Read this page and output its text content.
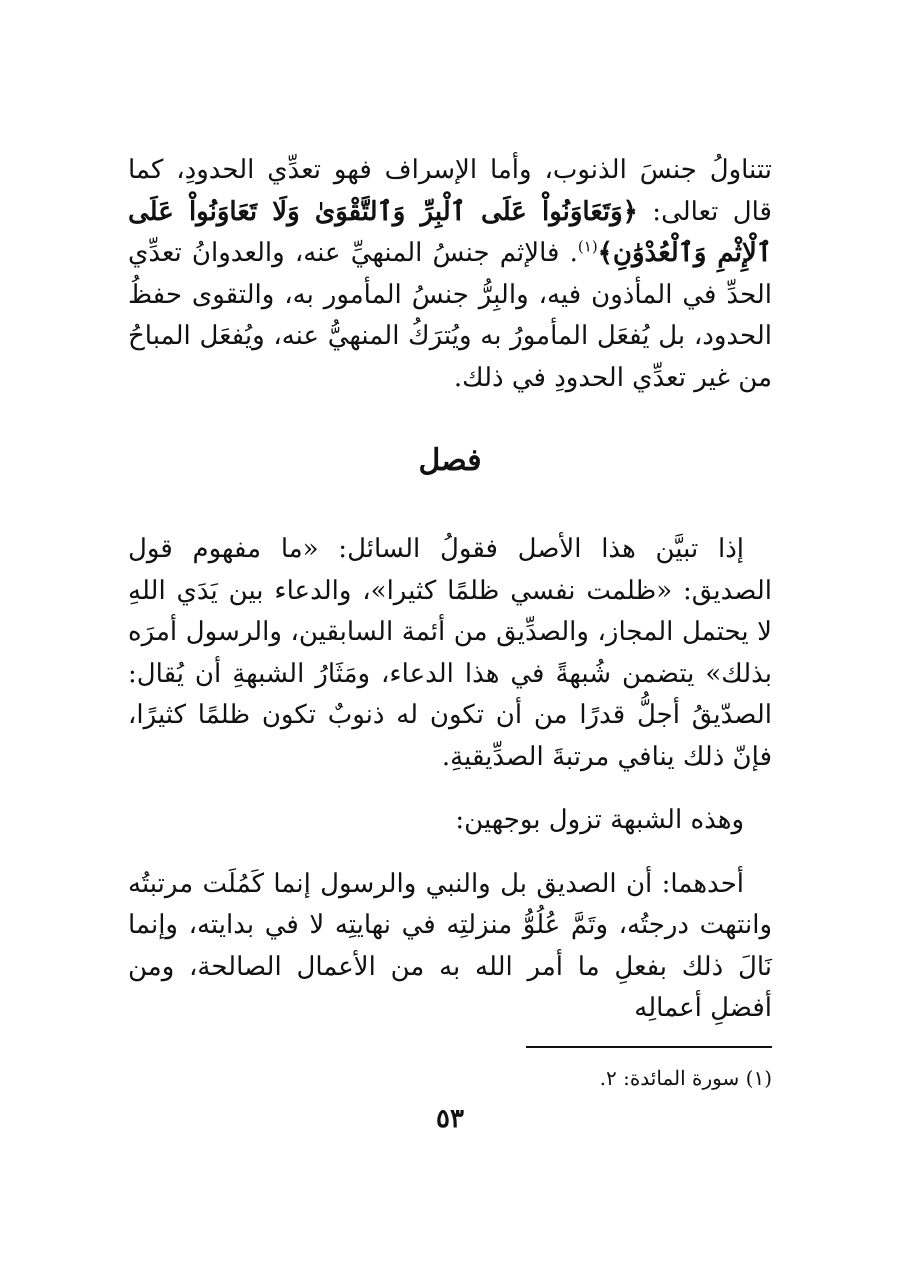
تتناولُ جنسَ الذنوب، وأما الإسراف فهو تعدِّي الحدودِ، كما قال تعالى: ﴿وَتَعَاوَنُواْ عَلَى ٱلْبِرِّ وَٱلتَّقْوَىٰ وَلَا تَعَاوَنُواْ عَلَى ٱلْإِثْمِ وَٱلْعُدْوَٰنِ﴾$^{(١)}$. فالإثم جنسُ المنهيِّ عنه، والعدوانُ تعدِّي الحدِّ في المأذون فيه، والبِرُّ جنسُ المأمور به، والتقوى حفظُ الحدود، بل يُفعَل المأمورُ به ويُترَكُ المنهيُّ عنه، ويُفعَل المباحُ من غير تعدِّي الحدودِ في ذلك.

فصل

إذا تبيَّن هذا الأصل فقولُ السائل: «ما مفهوم قول الصديق: «ظلمت نفسي ظلمًا كثيرا»، والدعاء بين يَدَي اللهِ لا يحتمل المجاز، والصدِّيق من أئمة السابقين، والرسول أمرَه بذلك» يتضمن شُبهةً في هذا الدعاء، ومَثَارُ الشبهةِ أن يُقال: الصدّيقُ أجلُّ قدرًا من أن تكون له ذنوبٌ تكون ظلمًا كثيرًا، فإنّ ذلك ينافي مرتبةَ الصدِّيقيةِ.

وهذه الشبهة تزول بوجهين:

أحدهما: أن الصديق بل والنبي والرسول إنما كَمُلَت مرتبتُه وانتهت درجتُه، وتَمَّ عُلُوُّ منزلتِه في نهايتِه لا في بدايته، وإنما نَالَ ذلك بفعلِ ما أمر الله به من الأعمال الصالحة، ومن أفضلِ أعمالِه

(١) سورة المائدة: ٢.
٥٣
